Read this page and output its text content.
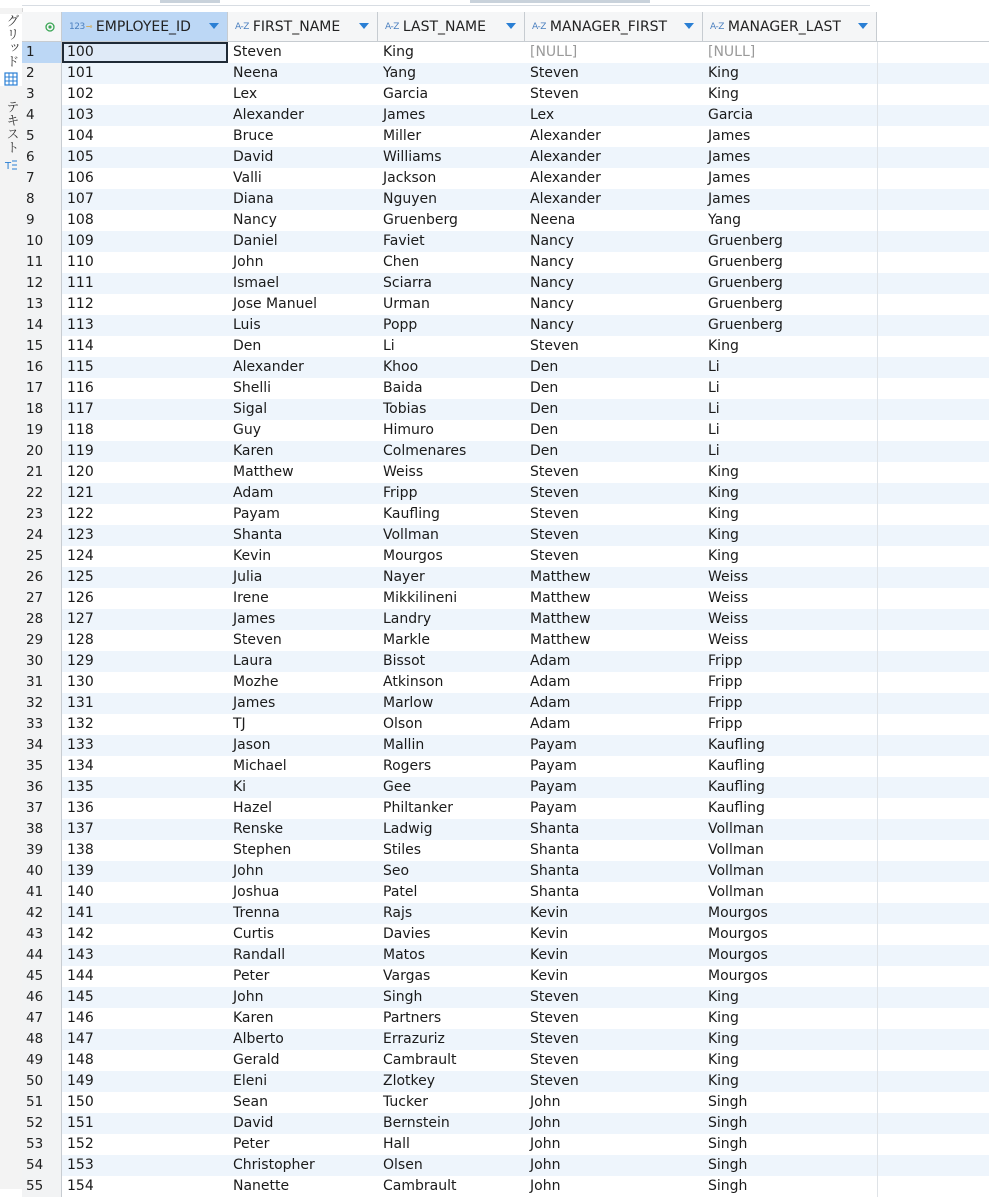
グリッド
テキスト
T
123⊸ EMPLOYEE_ID	A-Z FIRST_NAME	A-Z LAST_NAME	A-Z MANAGER_FIRST	A-Z MANAGER_LAST
1	100	Steven	King	[NULL]	[NULL]
2	101	Neena	Yang	Steven	King
3	102	Lex	Garcia	Steven	King
4	103	Alexander	James	Lex	Garcia
5	104	Bruce	Miller	Alexander	James
6	105	David	Williams	Alexander	James
7	106	Valli	Jackson	Alexander	James
8	107	Diana	Nguyen	Alexander	James
9	108	Nancy	Gruenberg	Neena	Yang
10	109	Daniel	Faviet	Nancy	Gruenberg
11	110	John	Chen	Nancy	Gruenberg
12	111	Ismael	Sciarra	Nancy	Gruenberg
13	112	Jose Manuel	Urman	Nancy	Gruenberg
14	113	Luis	Popp	Nancy	Gruenberg
15	114	Den	Li	Steven	King
16	115	Alexander	Khoo	Den	Li
17	116	Shelli	Baida	Den	Li
18	117	Sigal	Tobias	Den	Li
19	118	Guy	Himuro	Den	Li
20	119	Karen	Colmenares	Den	Li
21	120	Matthew	Weiss	Steven	King
22	121	Adam	Fripp	Steven	King
23	122	Payam	Kaufling	Steven	King
24	123	Shanta	Vollman	Steven	King
25	124	Kevin	Mourgos	Steven	King
26	125	Julia	Nayer	Matthew	Weiss
27	126	Irene	Mikkilineni	Matthew	Weiss
28	127	James	Landry	Matthew	Weiss
29	128	Steven	Markle	Matthew	Weiss
30	129	Laura	Bissot	Adam	Fripp
31	130	Mozhe	Atkinson	Adam	Fripp
32	131	James	Marlow	Adam	Fripp
33	132	TJ	Olson	Adam	Fripp
34	133	Jason	Mallin	Payam	Kaufling
35	134	Michael	Rogers	Payam	Kaufling
36	135	Ki	Gee	Payam	Kaufling
37	136	Hazel	Philtanker	Payam	Kaufling
38	137	Renske	Ladwig	Shanta	Vollman
39	138	Stephen	Stiles	Shanta	Vollman
40	139	John	Seo	Shanta	Vollman
41	140	Joshua	Patel	Shanta	Vollman
42	141	Trenna	Rajs	Kevin	Mourgos
43	142	Curtis	Davies	Kevin	Mourgos
44	143	Randall	Matos	Kevin	Mourgos
45	144	Peter	Vargas	Kevin	Mourgos
46	145	John	Singh	Steven	King
47	146	Karen	Partners	Steven	King
48	147	Alberto	Errazuriz	Steven	King
49	148	Gerald	Cambrault	Steven	King
50	149	Eleni	Zlotkey	Steven	King
51	150	Sean	Tucker	John	Singh
52	151	David	Bernstein	John	Singh
53	152	Peter	Hall	John	Singh
54	153	Christopher	Olsen	John	Singh
55	154	Nanette	Cambrault	John	Singh
